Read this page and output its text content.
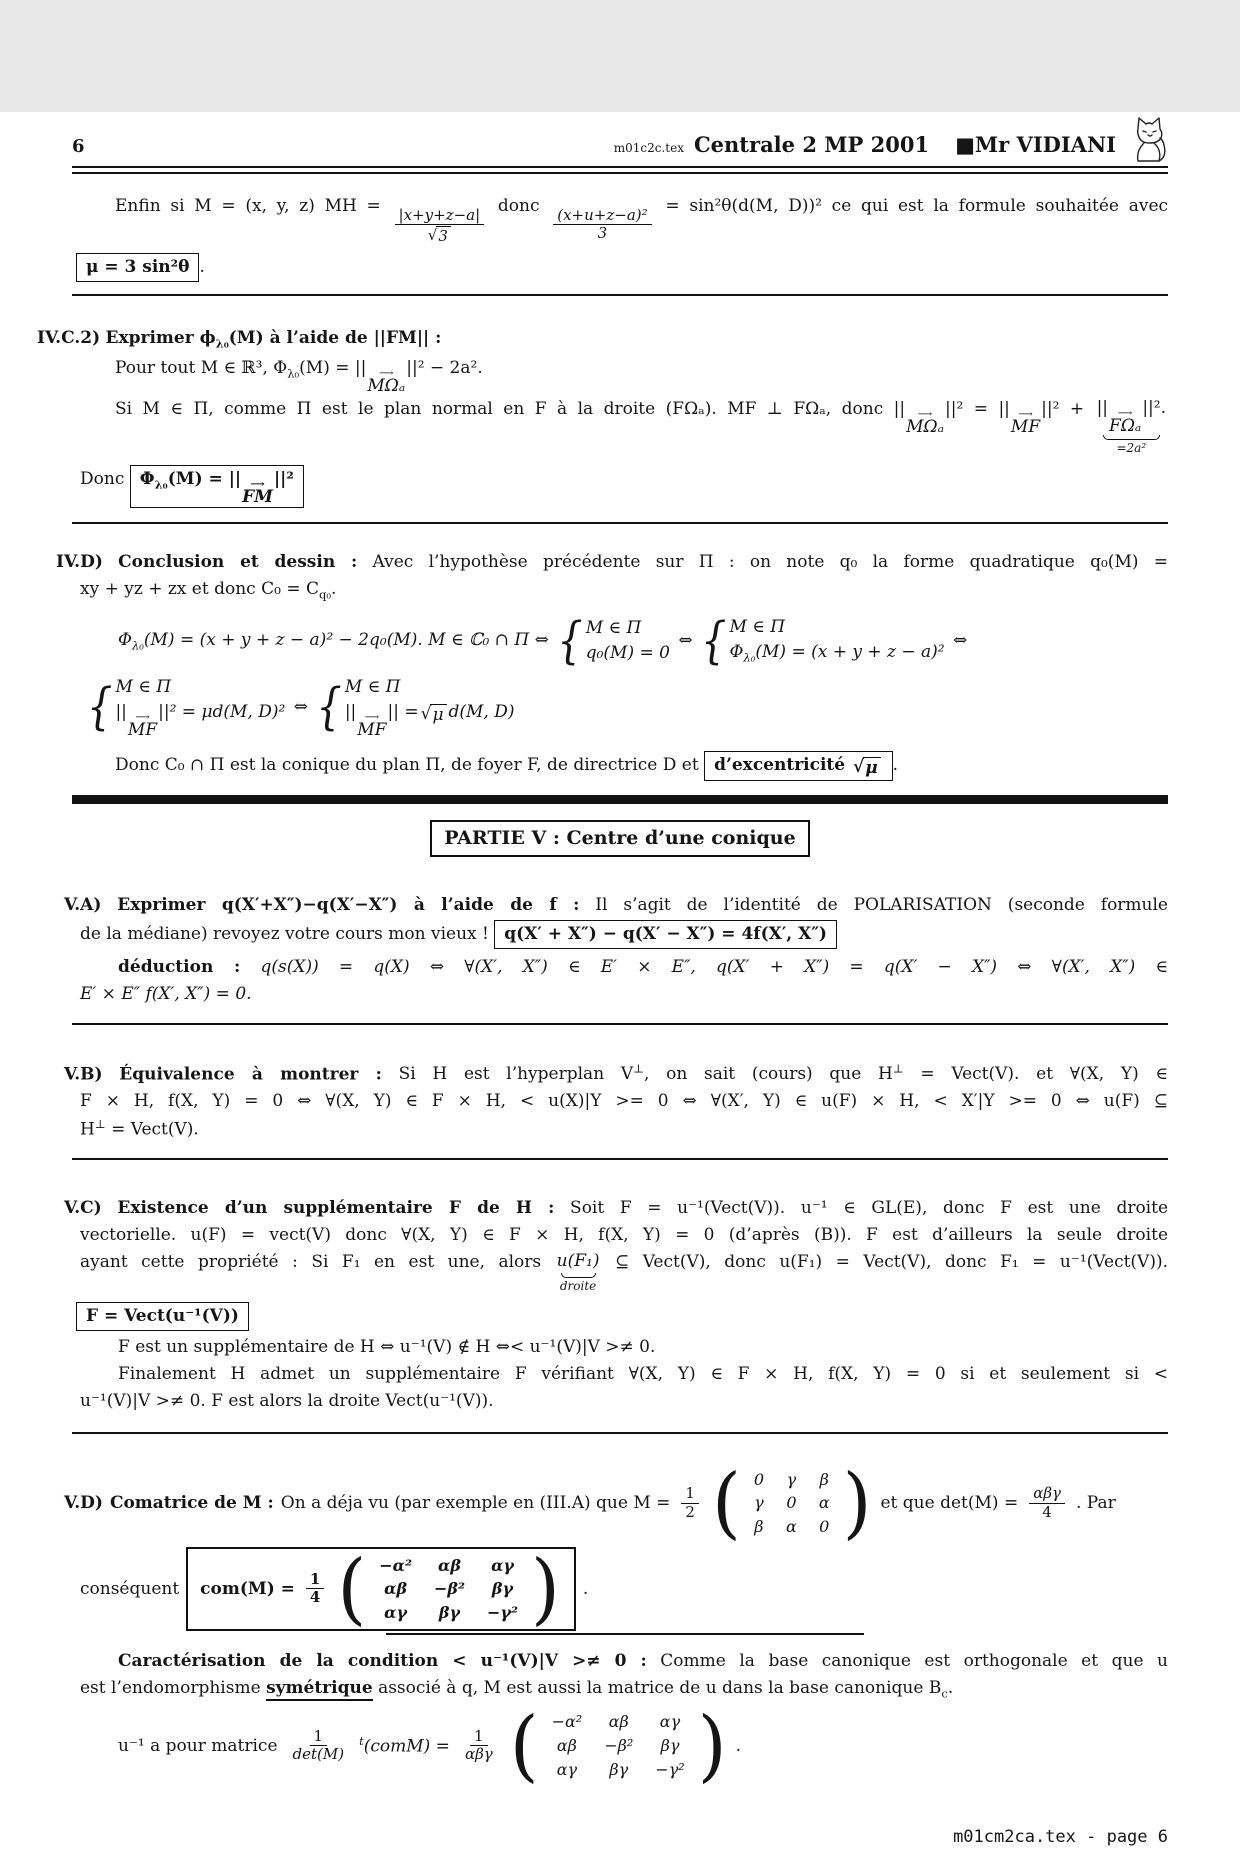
6	m01c2c.tex Centrale 2 MP 2001 ■Mr VIDIANI
Enfin si M = (x, y, z) MH =
$\frac{|x+y+z-a|}{√ 3}$
donc
$\frac{\text{(x+u+z−a)²}}{3}$
= sin²θ(d(M, D))² ce qui est la formule souhaitée avec
μ = 3 sin²θ .
IV.C.2) Exprimer $\phi_{\lambda_0}(M)$ à l’aide de ||FM|| :
Pour tout M ∈ ℝ³, $\Phi_{\lambda_0}(M)$ = || ⟶
MΩₐ
||² − 2a².
Si M ∈ Π, comme Π est le plan normal en F à la droite (FΩₐ). MF ⊥ FΩₐ, donc || ⟶
MΩₐ
||² = || ⟶
MF
||² + || ⟶
FΩₐ
||².
=2a²
Donc $\Phi_{\lambda_0}(M)$ = || ⟶
FM
||²
IV.D) Conclusion et dessin : Avec l’hypothèse précédente sur Π : on note q₀ la forme quadratique q₀(M) =
xy + yz + zx et donc $C_0 = C_{q_0}$.
$\Phi_{\lambda_0}(M) = (x + y + z - a)^2 - 2q_0(M)$. M ∈ ℂ₀ ∩ Π ⇔ { M ∈ Π
q₀(M) = 0
⇔ { M ∈ Π
$\Phi_{\lambda_0}(M) = (x + y + z - a)^2$
⇔
{ M ∈ Π
|| ⟶
MF
||² = μd(M, D)² ⇔ { M ∈ Π
|| ⟶
MF
|| = √ μ d(M, D)
Donc C₀ ∩ Π est la conique du plan Π, de foyer F, de directrice D et d’excentricité √ μ .
PARTIE V : Centre d’une conique
V.A) Exprimer q(X′+X″)−q(X′−X″) à l’aide de f : Il s’agit de l’identité de POLARISATION (seconde formule
de la médiane) revoyez votre cours mon vieux ! q(X′ + X″) − q(X′ − X″) = 4f(X′, X″)
déduction : q(s(X)) = q(X) ⇔ ∀(X′, X″) ∈ E′ × E″, q(X′ + X″) = q(X′ − X″) ⇔ ∀(X′, X″) ∈
E′ × E″ f(X′, X″) = 0.
V.B) Équivalence à montrer : Si H est l’hyperplan V⊥, on sait (cours) que H⊥ = Vect(V). et ∀(X, Y) ∈
F × H, f(X, Y) = 0 ⇔ ∀(X, Y) ∈ F × H, < u(X)|Y >= 0 ⇔ ∀(X′, Y) ∈ u(F) × H, < X′|Y >= 0 ⇔ u(F) ⊆
H⊥ = Vect(V).
V.C) Existence d’un supplémentaire F de H : Soit F = u⁻¹(Vect(V)). u⁻¹ ∈ GL(E), donc F est une droite
vectorielle. u(F) = vect(V) donc ∀(X, Y) ∈ F × H, f(X, Y) = 0 (d’après (B)). F est d’ailleurs la seule droite
ayant cette propriété : Si F₁ en est une, alors u(F₁)
droite
⊆ Vect(V), donc u(F₁) = Vect(V), donc F₁ = u⁻¹(Vect(V)).
F = Vect(u⁻¹(V))
F est un supplémentaire de H ⇔ u⁻¹(V) ∉ H ⇔< u⁻¹(V)|V >≠ 0.
Finalement H admet un supplémentaire F vérifiant ∀(X, Y) ∈ F × H, f(X, Y) = 0 si et seulement si <
u⁻¹(V)|V >≠ 0. F est alors la droite Vect(u⁻¹(V)).
V.D) Comatrice de M : On a déja vu (par exemple en (III.A) que $M = \frac{1}{2}$ ( 0	γ	β
γ	0	α
β	α	0 ) et que $\det(M) = \frac{\text{αβγ}}{4}$ . Par
conséquent $com(M) = \frac{1}{4}$ ( −α²	αβ	αγ
αβ	−β²	βγ
αγ	βγ	−γ² ) .
Caractérisation de la condition < u⁻¹(V)|V >≠ 0 : Comme la base canonique est orthogonale et que u
est l’endomorphisme symétrique associé à q, M est aussi la matrice de u dans la base canonique $B_c$.
u⁻¹ a pour matrice $\frac{1}{\det(M)}$ $^t$(comM) = $\frac{1}{\text{αβγ}}$ ( −α²	αβ	αγ
αβ	−β²	βγ
αγ	βγ	−γ² ) .
m01cm2ca.tex - page 6
